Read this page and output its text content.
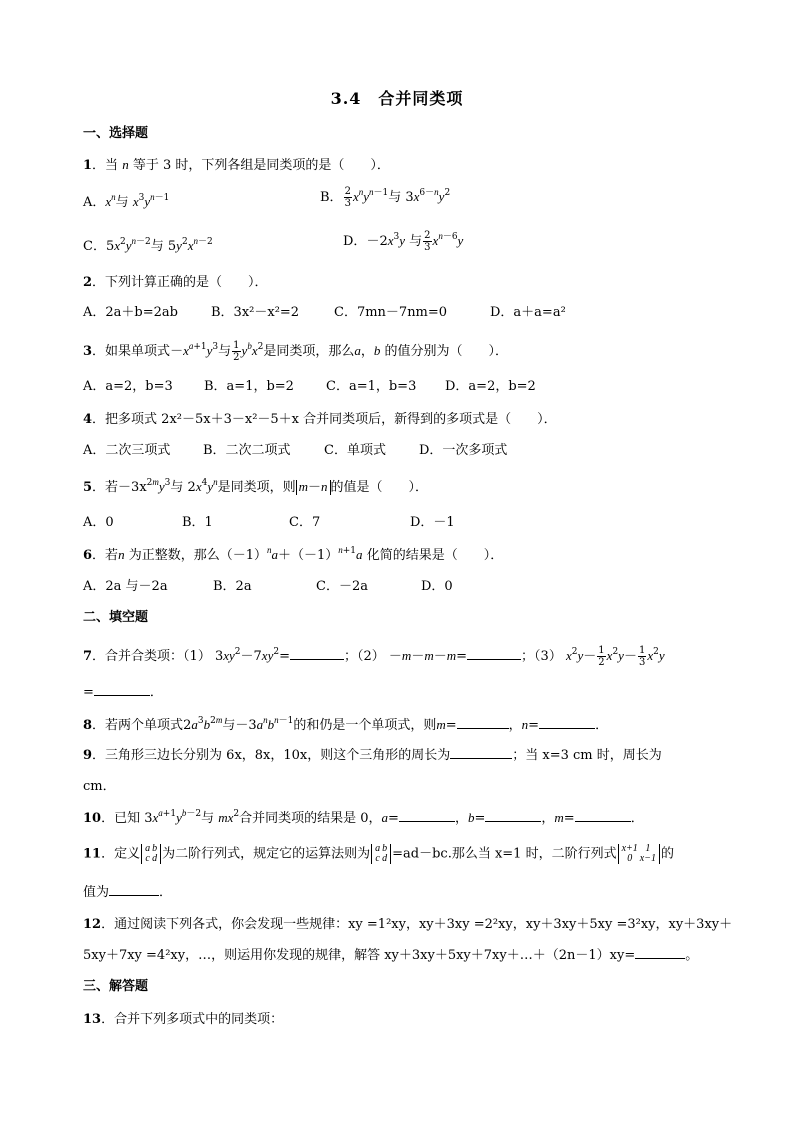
3.4　合并同类项
一、选择题
1．当 n 等于 3 时，下列各组是同类项的是（　　）．
A．$x^n$与 $x^3y^{n-1}$	B． $\frac{2}{3} x^ny^{n-1}$与 $3x^{6-n}y^2$
C．$5x^2y^{n-2}$与 $5y^2x^{n-2}$	D．$-2x^3y$ 与 $\frac{2}{3} x^{n-6}y$
2．下列计算正确的是（　　）．
A．2a＋b=2ab	B．3x²－x²=2	C．7mn－7nm=0	D．a＋a=a²
3．如果单项式$-x^{a+1}y^3$与 $\frac{1}{2} y^bx^2$是同类项，那么a，b 的值分别为（　　）．
A．a=2，b=3 B．a=1，b=2 C．a=1，b=3 D．a=2，b=2
4．把多项式 2x²－5x＋3－x²－5＋x 合并同类项后，新得到的多项式是（　　）．
A．二次三项式	B．二次二项式	C．单项式	D．一次多项式
5．若$-3x^{2m}y^3$与 $2x^4y^n$是同类项，则 m－n 的值是（　　）．
A．0	B．1	C．7	D．－1
6．若n 为正整数，那么$(-1)^na+(-1)^{n+1}a$ 化简的结果是（　　）．
A．2a 与－2a	B．2a	C．－2a	D．0
二、填空题
7．合并合类项：（1） $3xy^2-7xy^2=$	；（2） －m－m－m=	；（3） $x^2y- \frac{1}{2} x^2y- \frac{1}{3} x^2y$
=	．
8．若两个单项式$2a^3b^{2m}$与$-3a^nb^{n-1}$的和仍是一个单项式，则m=	，n=	．
9．三角形三边长分别为 6x，8x，10x，则这个三角形的周长为	；当 x=3 cm 时，周长为
cm．
10．已知 $3x^{a+1}y^{b-2}$与 $mx^2$合并同类项的结果是 0，a=	，b=	，m=	．
11．定义 a	b
c	d 为二阶行列式，规定它的运算法则为 a	b
c	d =ad－bc.那么当 x=1 时，二阶行列式 x+1	1
0	x−1 的
值为	．
12．通过阅读下列各式，你会发现一些规律：xy =1²xy，xy＋3xy =2²xy，xy＋3xy＋5xy =3²xy，xy＋3xy＋
5xy＋7xy =4²xy，…，则运用你发现的规律，解答 xy＋3xy＋5xy＋7xy＋…＋（2n－1）xy=	。
三、解答题
13．合并下列多项式中的同类项：
